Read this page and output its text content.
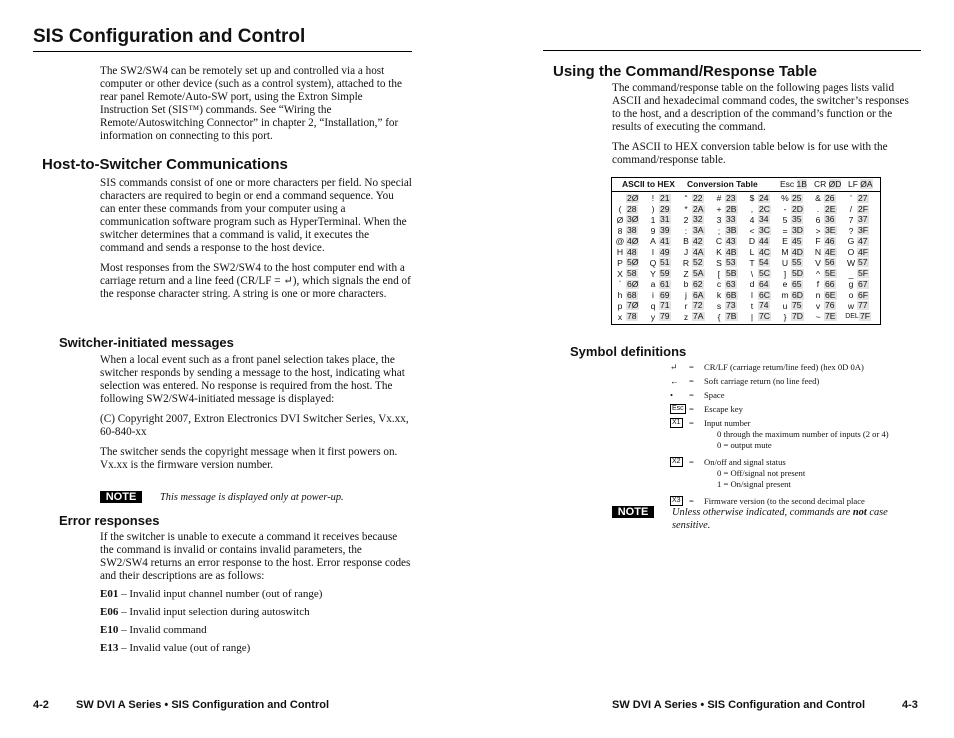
SIS Configuration and Control

The SW2/SW4 can be remotely set up and controlled via a host computer or other device (such as a control system), attached to the rear panel Remote/Auto-SW port, using the Extron Simple Instruction Set (SIS™) commands. See “Wiring the Remote/Autoswitching Connector” in chapter 2, “Installation,” for information on connecting to this port.

Host-to-Switcher Communications

SIS commands consist of one or more characters per field. No special characters are required to begin or end a command sequence. You can enter these commands from your computer using a communication software program such as HyperTerminal. When the switcher determines that a command is valid, it executes the command and sends a response to the host device.

Most responses from the SW2/SW4 to the host computer end with a carriage return and a line feed (CR/LF = ↵), which signals the end of the response character string. A string is one or more characters.

Switcher-initiated messages

When a local event such as a front panel selection takes place, the switcher responds by sending a message to the host, indicating what selection was entered. No response is required from the host. The following SW2/SW4-initiated message is displayed:

(C) Copyright 2007, Extron Electronics DVI Switcher Series, Vx.xx, 60-840-xx

The switcher sends the copyright message when it first powers on. Vx.xx is the firmware version number.

NOTE This message is displayed only at power-up.
Error responses

If the switcher is unable to execute a command it receives because the command is invalid or contains invalid parameters, the SW2/SW4 returns an error response to the host. Error response codes and their descriptions are as follows:

E01 – Invalid input channel number (out of range)
E06 – Invalid input selection during autoswitch
E10 – Invalid command
E13 – Invalid value (out of range)
4-2 SW DVI A Series • SIS Configuration and Control
Using the Command/Response Table

The command/response table on the following pages lists valid ASCII and hexadecimal command codes, the switcher’s responses to the host, and a description of the command’s function or the results of executing the command.

The ASCII to HEX conversion table below is for use with the command/response table.

ASCII to HEX Conversion Table	Esc 1B CR ØD LF ØA

2Ø	! 21	“ 22	# 23	$ 24 % 25	& 26	’ 27
( 28	) 29	* 2A	+ 2B	, 2C	- 2D	. 2E	/ 2F
Ø 3Ø	1 31	2 32	3 33	4 34	5 35	6 36	7 37
8 38	9 39	: 3A	; 3B	< 3C	= 3D	> 3E	? 3F
@ 4Ø	A 41	B 42	C 43	D 44	E 45	F 46	G 47
H 48	I 49	J 4A	K 4B	L 4C M 4D	N 4E	O 4F
P 5Ø	Q 51	R 52	S 53	T 54	U 55	V 56 W 57
X 58	Y 59	Z 5A	[ 5B	\ 5C	] 5D	^ 5E	_ 5F
` 6Ø	a 61	b 62	c 63	d 64	e 65	f 66	g 67
h 68	i 69	j 6A	k 6B	l 6C m 6D	n 6E	o 6F
p 7Ø	q 71	r 72	s 73	t 74	u 75	v 76	w 77
x 78	y 79	z 7A	{ 7B	| 7C	} 7D	~ 7E DEL 7F
Symbol definitions
↵ = CR/LF (carriage return/line feed) (hex 0D 0A)
← = Soft carriage return (no line feed)
• = Space
Esc = Escape key
X1 = Input number
0 through the maximum number of inputs (2 or 4)
0 = output mute
X2 = On/off and signal status
0 = Off/signal not present
1 = On/signal present
X3 = Firmware version (to the second decimal place
NOTE	Unless otherwise indicated, commands are not case sensitive.
SW DVI A Series • SIS Configuration and Control	4-3
